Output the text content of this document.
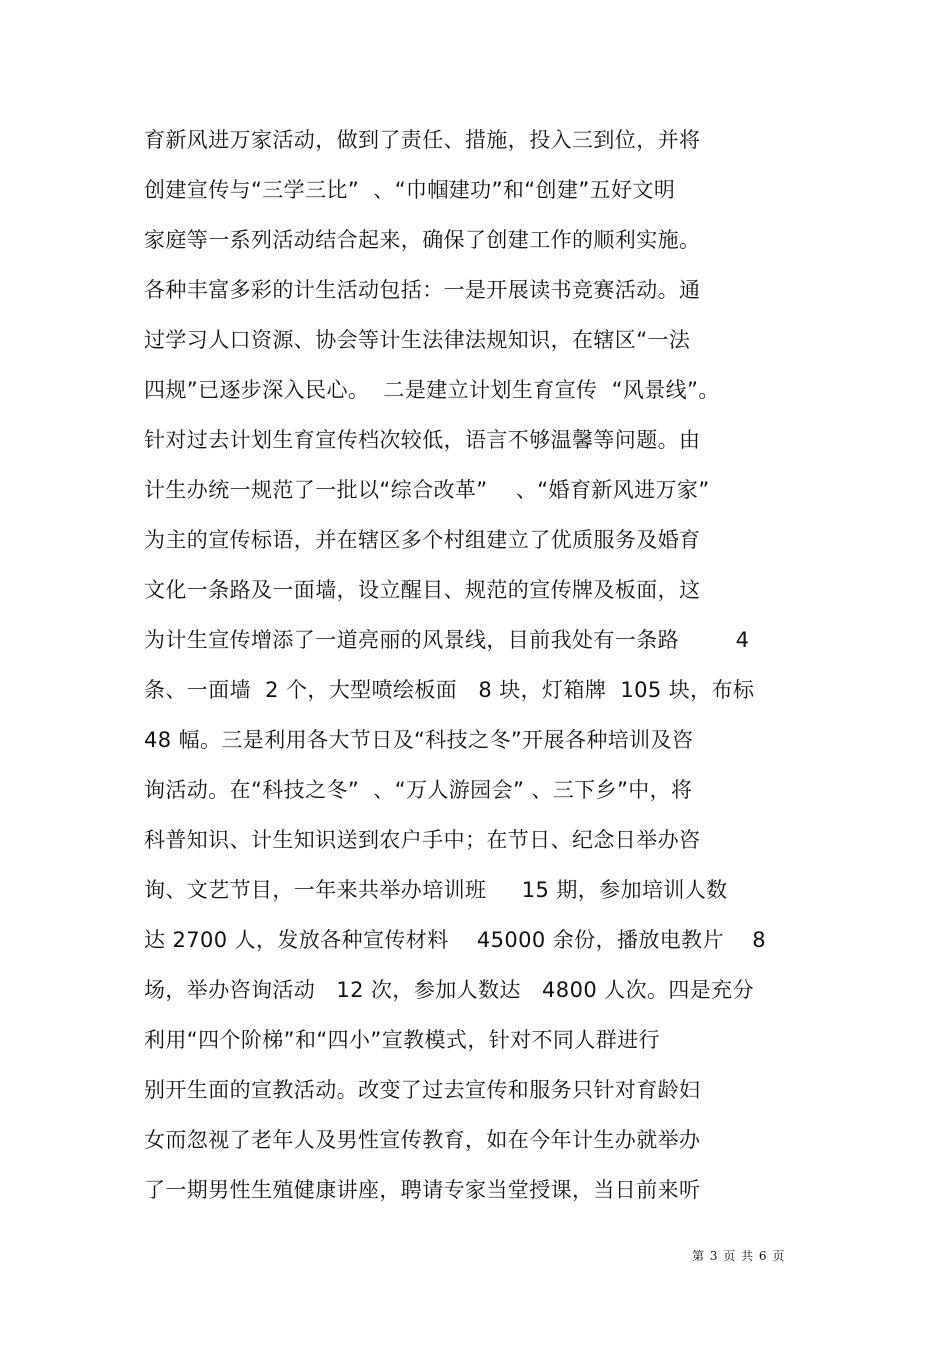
育新风进万家活动，做到了责任、措施，投入三到位，并将
创建宣传与“三学三比”  、“巾帼建功”和“创建”五好文明
家庭等一系列活动结合起来，确保了创建工作的顺利实施。
各种丰富多彩的计生活动包括：一是开展读书竞赛活动。通
过学习人口资源、协会等计生法律法规知识，在辖区“一法
四规”已逐步深入民心。  二是建立计划生育宣传  “风景线”。
针对过去计划生育宣传档次较低，语言不够温馨等问题。由
计生办统一规范了一批以“综合改革”    、“婚育新风进万家”
为主的宣传标语，并在辖区多个村组建立了优质服务及婚育
文化一条路及一面墙，设立醒目、规范的宣传牌及板面，这
为计生宣传增添了一道亮丽的风景线，目前我处有一条路        4
条、一面墙  2 个，大型喷绘板面   8 块，灯箱牌  105 块，布标
48 幅。三是利用各大节日及“科技之冬”开展各种培训及咨
询活动。在“科技之冬”  、“万人游园会” 、三下乡”中，将
科普知识、计生知识送到农户手中；在节日、纪念日举办咨
询、文艺节目，一年来共举办培训班     15 期，参加培训人数
达 2700 人，发放各种宣传材料    45000 余份，播放电教片    8
场，举办咨询活动   12 次，参加人数达   4800 人次。四是充分
利用“四个阶梯”和“四小”宣教模式，针对不同人群进行
别开生面的宣教活动。改变了过去宣传和服务只针对育龄妇
女而忽视了老年人及男性宣传教育，如在今年计生办就举办
了一期男性生殖健康讲座，聘请专家当堂授课，当日前来听
第 3 页 共 6 页
